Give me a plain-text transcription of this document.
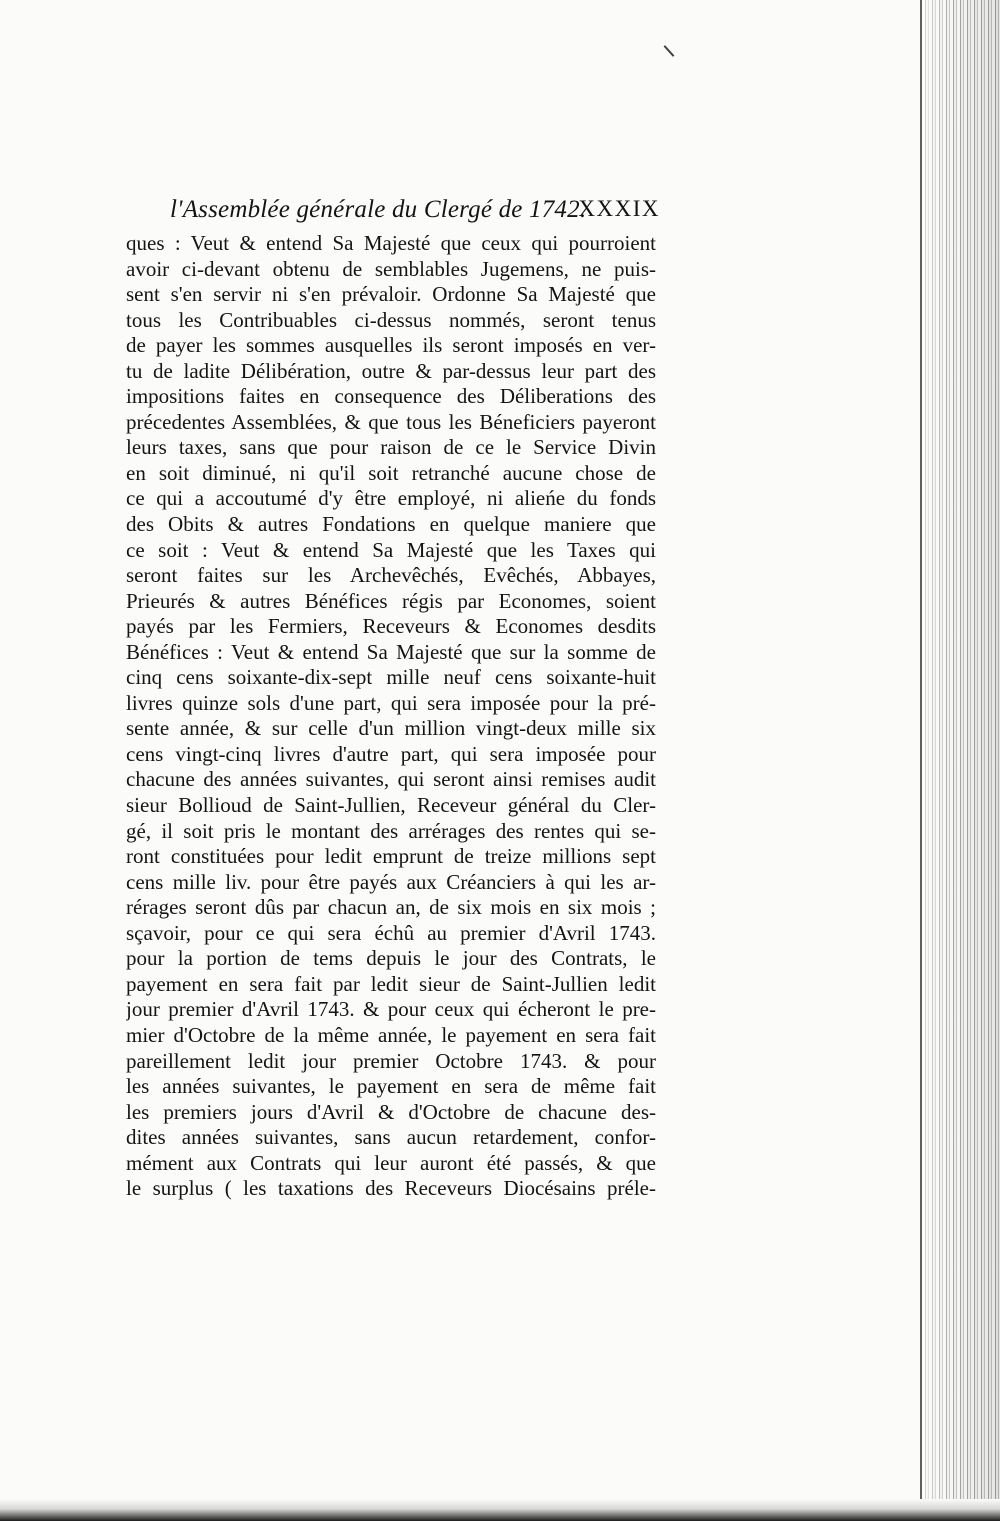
l'Assemblée générale du Clergé de 1742.
XXXIX
ques : Veut & entend Sa Majesté que ceux qui pourroient
avoir ci-devant obtenu de semblables Jugemens, ne puis-
sent s'en servir ni s'en prévaloir. Ordonne Sa Majesté que
tous les Contribuables ci-dessus nommés, seront tenus
de payer les sommes ausquelles ils seront imposés en ver-
tu de ladite Délibération, outre & par-dessus leur part des
impositions faites en consequence des Déliberations des
précedentes Assemblées, & que tous les Béneficiers payeront
leurs taxes, sans que pour raison de ce le Service Divin
en soit diminué, ni qu'il soit retranché aucune chose de
ce qui a accoutumé d'y être employé, ni alieńe du fonds
des Obits & autres Fondations en quelque maniere que
ce soit : Veut & entend Sa Majesté que les Taxes qui
seront faites sur les Archevêchés, Evêchés, Abbayes,
Prieurés & autres Bénéfices régis par Economes, soient
payés par les Fermiers, Receveurs & Economes desdits
Bénéfices : Veut & entend Sa Majesté que sur la somme de
cinq cens soixante-dix-sept mille neuf cens soixante-huit
livres quinze sols d'une part, qui sera imposée pour la pré-
sente année, & sur celle d'un million vingt-deux mille six
cens vingt-cinq livres d'autre part, qui sera imposée pour
chacune des années suivantes, qui seront ainsi remises audit
sieur Bollioud de Saint-Jullien, Receveur général du Cler-
gé, il soit pris le montant des arrérages des rentes qui se-
ront constituées pour ledit emprunt de treize millions sept
cens mille liv. pour être payés aux Créanciers à qui les ar-
rérages seront dûs par chacun an, de six mois en six mois ;
sçavoir, pour ce qui sera échû au premier d'Avril 1743.
pour la portion de tems depuis le jour des Contrats, le
payement en sera fait par ledit sieur de Saint-Jullien ledit
jour premier d'Avril 1743. & pour ceux qui écheront le pre-
mier d'Octobre de la même année, le payement en sera fait
pareillement ledit jour premier Octobre 1743. & pour
les années suivantes, le payement en sera de même fait
les premiers jours d'Avril & d'Octobre de chacune des-
dites années suivantes, sans aucun retardement, confor-
mément aux Contrats qui leur auront été passés, & que
le surplus ( les taxations des Receveurs Diocésains préle-
